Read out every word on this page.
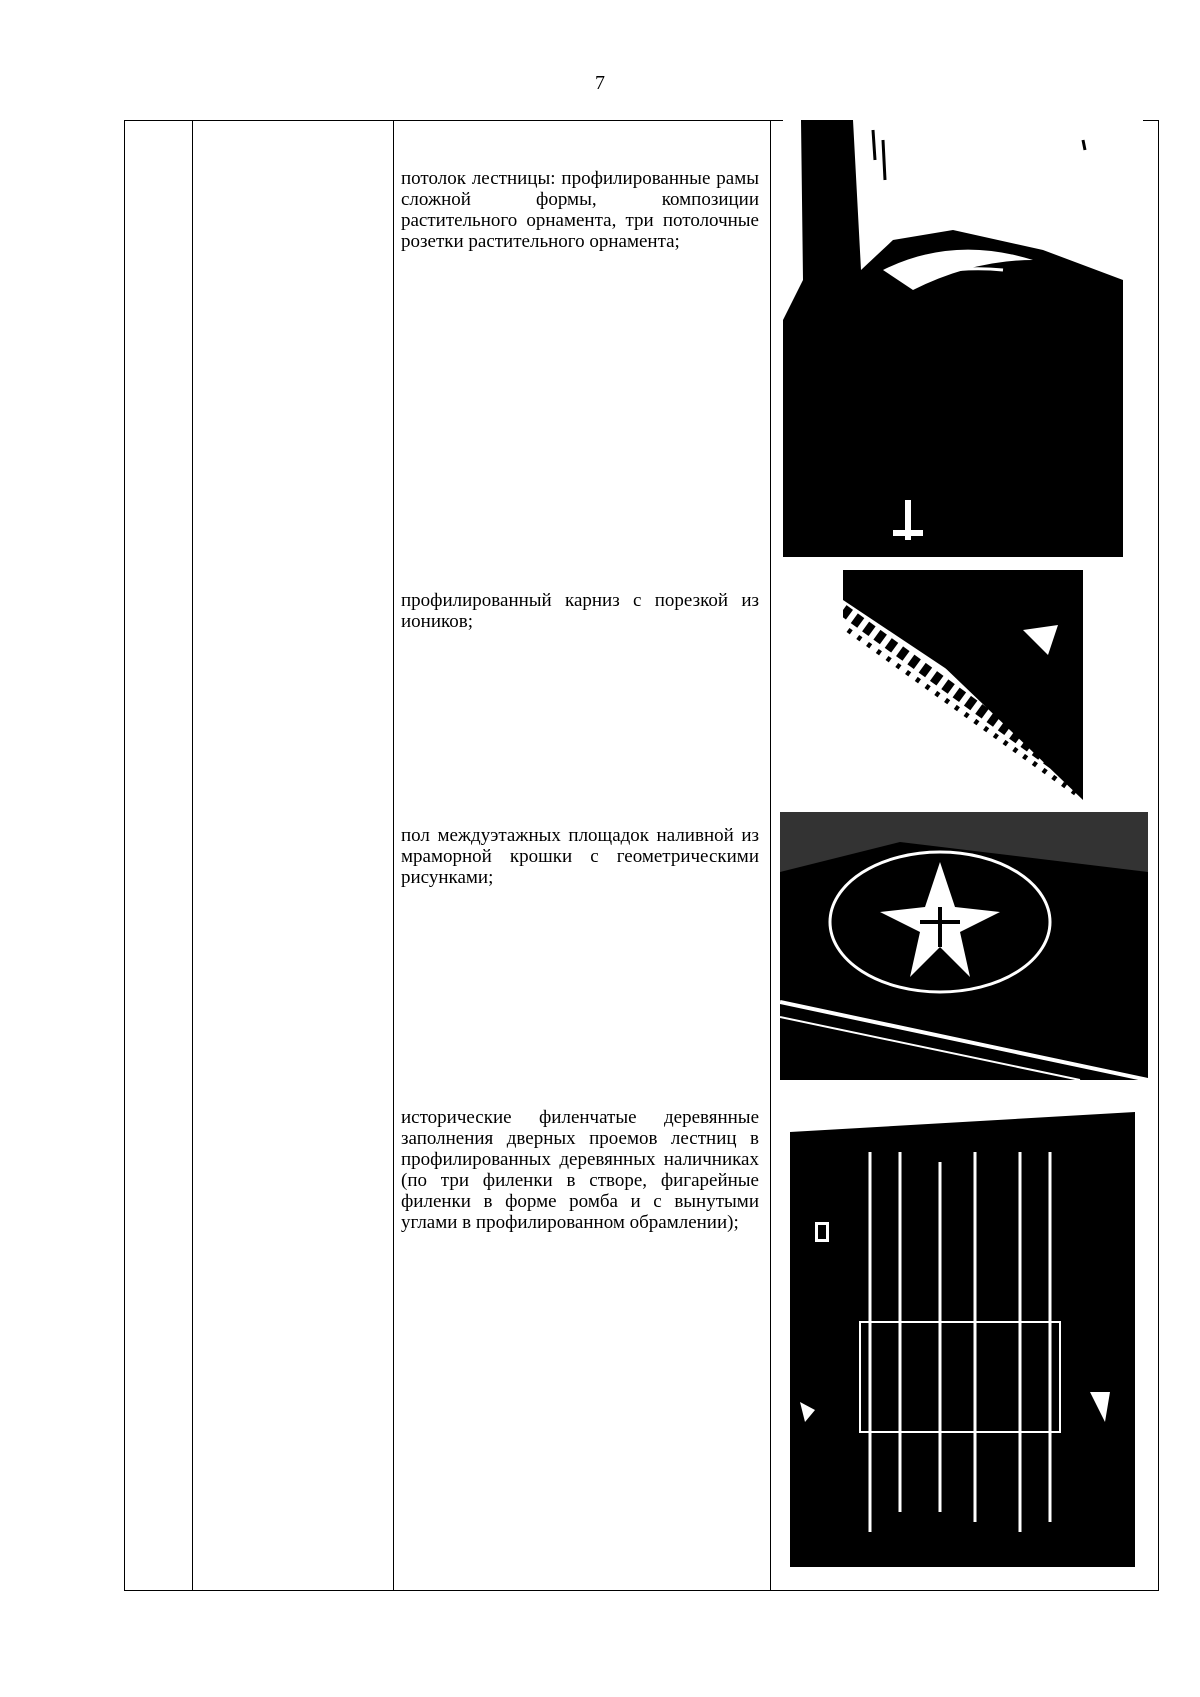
7
потолок лестницы: профилированные рамы сложной формы, композиции растительного орнамента, три потолочные розетки растительного орнамента;
профилированный карниз с порезкой из иоников;
пол междуэтажных площадок наливной из мраморной крошки с геометрическими рисунками;
исторические филенчатые деревянные заполнения дверных проемов лестниц в профилированных деревянных наличниках (по три филенки в створе, фигарейные филенки в форме ромба и с вынутыми углами в профилированном обрамлении);
